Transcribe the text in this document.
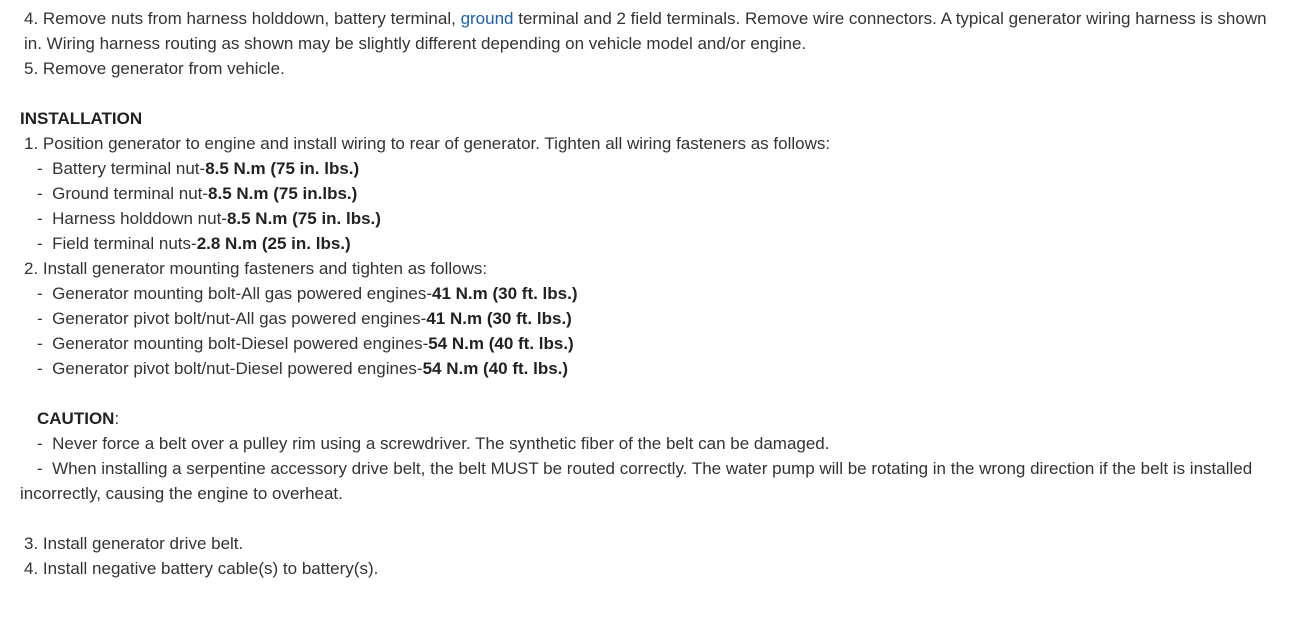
4. Remove nuts from harness holddown, battery terminal, ground terminal and 2 field terminals. Remove wire connectors. A typical generator wiring harness is shown in. Wiring harness routing as shown may be slightly different depending on vehicle model and/or engine.
5. Remove generator from vehicle.
INSTALLATION
1. Position generator to engine and install wiring to rear of generator. Tighten all wiring fasteners as follows:
- Battery terminal nut-8.5 N.m (75 in. lbs.)
- Ground terminal nut-8.5 N.m (75 in.lbs.)
- Harness holddown nut-8.5 N.m (75 in. lbs.)
- Field terminal nuts-2.8 N.m (25 in. lbs.)
2. Install generator mounting fasteners and tighten as follows:
- Generator mounting bolt-All gas powered engines-41 N.m (30 ft. lbs.)
- Generator pivot bolt/nut-All gas powered engines-41 N.m (30 ft. lbs.)
- Generator mounting bolt-Diesel powered engines-54 N.m (40 ft. lbs.)
- Generator pivot bolt/nut-Diesel powered engines-54 N.m (40 ft. lbs.)
CAUTION:
- Never force a belt over a pulley rim using a screwdriver. The synthetic fiber of the belt can be damaged.
- When installing a serpentine accessory drive belt, the belt MUST be routed correctly. The water pump will be rotating in the wrong direction if the belt is installed incorrectly, causing the engine to overheat.
3. Install generator drive belt.
4. Install negative battery cable(s) to battery(s).
